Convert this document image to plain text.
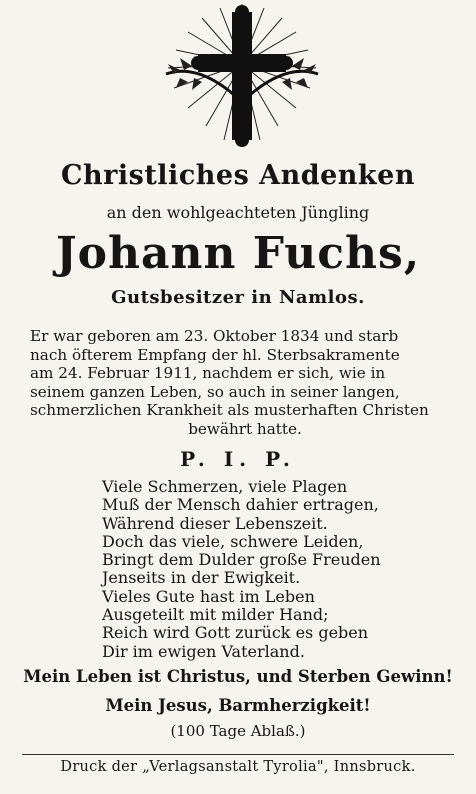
Christliches Andenken
an den wohlgeachteten Jüngling
Johann Fuchs,
Gutsbesitzer in Namlos.
Er war geboren am 23. Oktober 1834 und starb
nach öfterem Empfang der hl. Sterbsakramente
am 24. Februar 1911, nachdem er sich, wie in
seinem ganzen Leben, so auch in seiner langen,
schmerzlichen Krankheit als musterhaften Christen
bewährt hatte.
P. I. P.
Viele Schmerzen, viele Plagen
Muß der Mensch dahier ertragen,
Während dieser Lebenszeit.
Doch das viele, schwere Leiden,
Bringt dem Dulder große Freuden
Jenseits in der Ewigkeit.
Vieles Gute hast im Leben
Ausgeteilt mit milder Hand;
Reich wird Gott zurück es geben
Dir im ewigen Vaterland.
Mein Leben ist Christus, und Sterben Gewinn!
Mein Jesus, Barmherzigkeit!
(100 Tage Ablaß.)
Druck der „Verlagsanstalt Tyrolia", Innsbruck.
